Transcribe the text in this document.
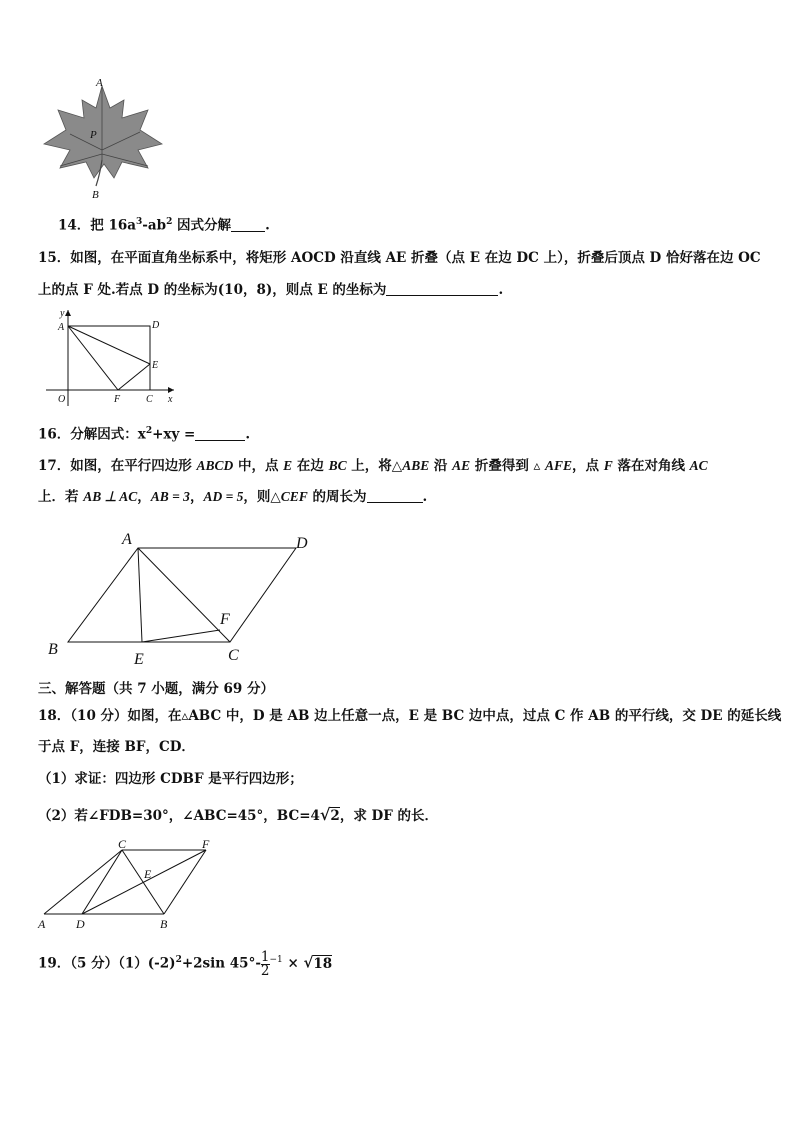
A
P
B
14．把 $16a^3-ab^2$ 因式分解	.
15．如图，在平面直角坐标系中，将矩形 AOCD 沿直线 AE 折叠（点 E 在边 DC 上），折叠后顶点 D 恰好落在边 OC
上的点 F 处.若点 D 的坐标为(10，8)，则点 E 的坐标为	.
y
x
A	D
E
O	F	C
16．分解因式：$x^2+xy$ =	.
17．如图，在平行四边形 ABCD 中，点 E 在边 BC 上，将△ABE 沿 AE 折叠得到 ▵ AFE，点 F 落在对角线 AC
上．若 AB ⊥ AC，AB = 3，AD = 5，则△CEF 的周长为	.
A	D
F
B
E	C
三、解答题（共 7 小题，满分 69 分）
18．（10 分）如图，在▵ABC 中，D 是 AB 边上任意一点，E 是 BC 边中点，过点 C 作 AB 的平行线，交 DE 的延长线
于点 F，连接 BF，CD．
（1）求证：四边形 CDBF 是平行四边形；
（2）若∠FDB=30°，∠ABC=45°，BC=4√2，求 DF 的长．
C	F
E
A	D	B
19．（5 分）$(1)(-2)^2+2\sin$ $45^\circ- \frac{1}{2} ^{-1} \times √18$
